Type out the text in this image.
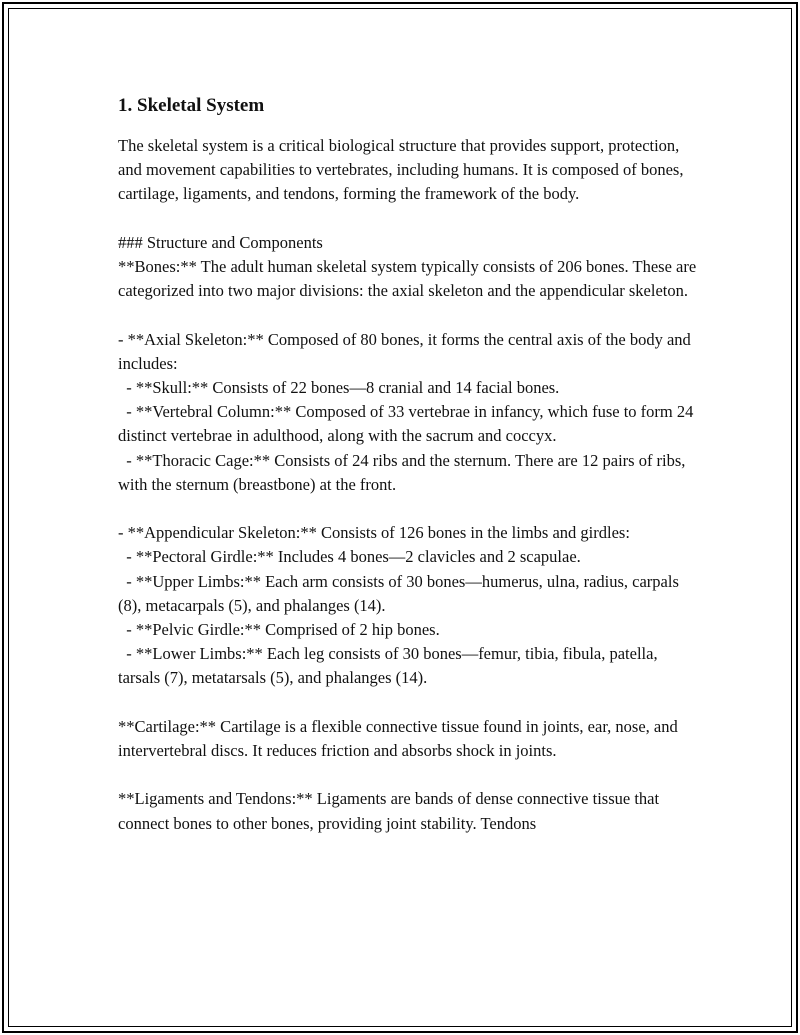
1. Skeletal System

The skeletal system is a critical biological structure that provides support, protection, and movement capabilities to vertebrates, including humans. It is composed of bones, cartilage, ligaments, and tendons, forming the framework of the body.

### Structure and Components

**Bones:** The adult human skeletal system typically consists of 206 bones. These are categorized into two major divisions: the axial skeleton and the appendicular skeleton.

- **Axial Skeleton:** Composed of 80 bones, it forms the central axis of the body and includes:

- **Skull:** Consists of 22 bones—8 cranial and 14 facial bones.

- **Vertebral Column:** Composed of 33 vertebrae in infancy, which fuse to form 24 distinct vertebrae in adulthood, along with the sacrum and coccyx.

- **Thoracic Cage:** Consists of 24 ribs and the sternum. There are 12 pairs of ribs, with the sternum (breastbone) at the front.

- **Appendicular Skeleton:** Consists of 126 bones in the limbs and girdles:

- **Pectoral Girdle:** Includes 4 bones—2 clavicles and 2 scapulae.

- **Upper Limbs:** Each arm consists of 30 bones—humerus, ulna, radius, carpals (8), metacarpals (5), and phalanges (14).

- **Pelvic Girdle:** Comprised of 2 hip bones.

- **Lower Limbs:** Each leg consists of 30 bones—femur, tibia, fibula, patella, tarsals (7), metatarsals (5), and phalanges (14).

**Cartilage:** Cartilage is a flexible connective tissue found in joints, ear, nose, and intervertebral discs. It reduces friction and absorbs shock in joints.

**Ligaments and Tendons:** Ligaments are bands of dense connective tissue that connect bones to other bones, providing joint stability. Tendons
